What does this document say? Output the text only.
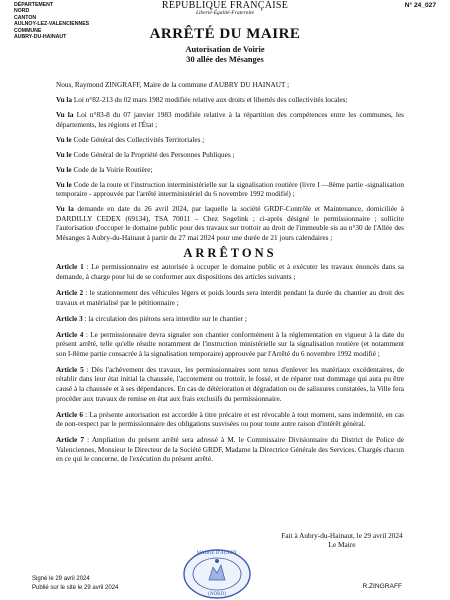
DÉPARTEMENT
NORD
CANTON
AULNOY-LEZ-VALENCIENNES
COMMUNE
AUBRY-DU-HAINAUT
RÉPUBLIQUE FRANÇAISE
Liberté-Égalité-Fraternité
N° 24_027
ARRÊTÉ DU MAIRE
Autorisation de Voirie
30 allée des Mésanges

Nous, Raymond ZINGRAFF, Maire de la commune d'AUBRY DU HAINAUT ;

Vu la Loi n°82-213 du 02 mars 1982 modifiée relative aux droits et libertés des collectivités locales;

Vu la Loi n°83-8 du 07 janvier 1983 modifiée relative à la répartition des compétences entre les communes, les départements, les régions et l'État ;

Vu le Code Général des Collectivités Territoriales ;

Vu le Code Général de la Propriété des Personnes Publiques ;

Vu le Code de la Voirie Routière;

Vu le Code de la route et l'instruction interministérielle sur la signalisation routière (livre I —8ème partie -signalisation temporaire - approuvée par l'arrêté interministériel du 6 novembre 1992 modifié) ;

Vu la demande en date du 26 avril 2024, par laquelle la société GRDF-Contrôle et Maintenance, domiciliée à DARDILLY CEDEX (69134), TSA 70011 – Chez Sogelink ; ci-après désigné le permissionnaire ; sollicite l'autorisation d'occuper le domaine public pour des travaux sur trottoir au droit de l'immeuble sis au n°30 de l'Allée des Mésanges à Aubry-du-Hainaut à partir du 27 mai 2024 pour une durée de 21 jours calendaires ;

ARRÊTONS

Article 1 : Le permissionnaire est autorisée à occuper le domaine public et à exécuter les travaux énoncés dans sa demande, à charge pour lui de se conformer aux dispositions des articles suivants ;

Article 2 : le stationnement des véhicules légers et poids lourds sera interdit pendant la durée du chantier au droit des travaux et matérialisé par le pétitionnaire ;

Article 3 : la circulation des piétons sera interdite sur le chantier ;

Article 4 : Le permissionnaire devra signaler son chantier conformément à la réglementation en vigueur à la date du présent arrêté, telle qu'elle résulte notamment de l'instruction ministérielle sur la signalisation routière (et notamment son I-8ème partie consacrée à la signalisation temporaire) approuvée par l'Arrêté du 6 novembre 1992 modifié ;

Article 5 : Dès l'achèvement des travaux, les permissionnaires sont tenus d'enlever les matériaux excédentaires, de rétablir dans leur état initial la chaussée, l'accotement ou trottoir, le fossé, et de réparer tout dommage qui aura pu être causé à la chaussée et à ses dépendances. En cas de détérioration et dégradation ou de salissures constatées, la Ville fera procéder aux travaux de remise en état aux frais exclusifs du permissionnaire.

Article 6 : La présente autorisation est accordée à titre précaire et est révocable à tout moment, sans indemnité, en cas de non-respect par le permissionnaire des obligations susvisées ou pour toute autre raison d'intérêt général.

Article 7 : Ampliation du présent arrêté sera adressé à M. le Commissaire Divisionnaire du District de Police de Valenciennes, Monsieur le Directeur de la Société GRDF, Madame la Directrice Générale des Services. Chargés chacun en ce qui le concerne, de l'exécution du présent arrêté.

Fait à Aubry-du-Hainaut, le 29 avril 2024
Le Maire
MAIRIE D'AUBRY
(NORD)
Signé le 29 avril 2024
Publié sur le site le 29 avril 2024	R.ZINGRAFF
